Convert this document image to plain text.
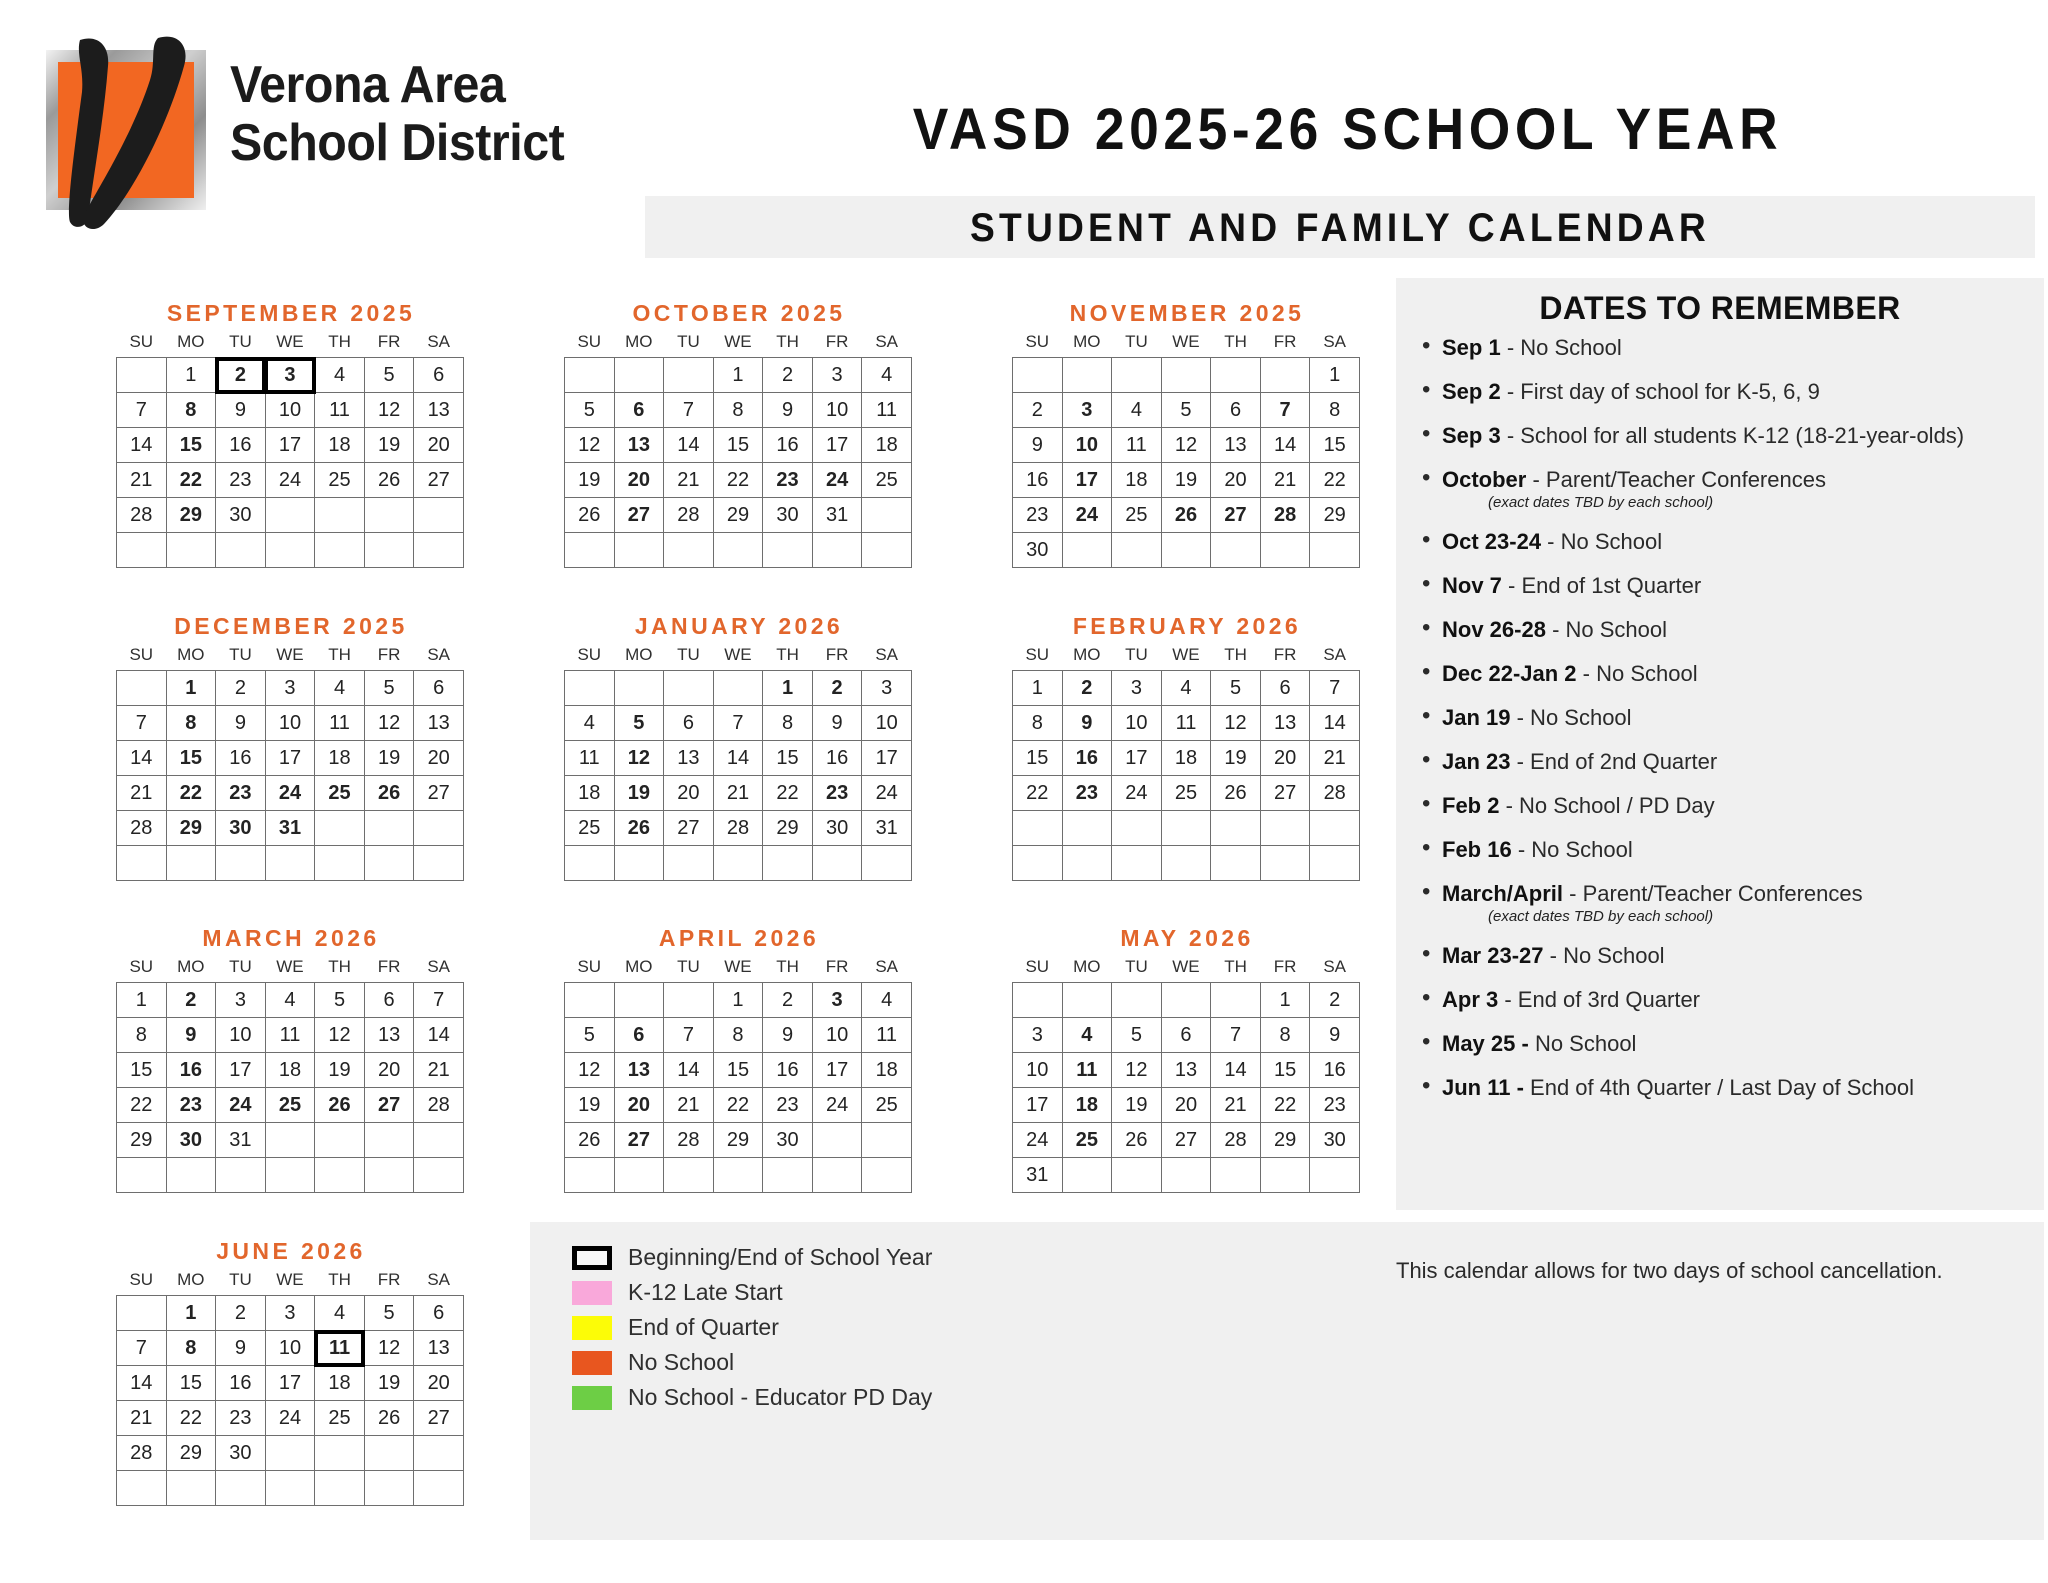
Verona Area
School District	VASD 2025-26 SCHOOL YEAR
STUDENT AND FAMILY CALENDAR
SEPTEMBER 2025
SU	MO	TU	WE	TH	FR	SA
	1	2	3	4	5	6
7	8	9	10	11	12	13
14	15	16	17	18	19	20
21	22	23	24	25	26	27
28	29	30				

OCTOBER 2025
SU	MO	TU	WE	TH	FR	SA
			1	2	3	4
5	6	7	8	9	10	11
12	13	14	15	16	17	18
19	20	21	22	23	24	25
26	27	28	29	30	31	

NOVEMBER 2025
SU	MO	TU	WE	TH	FR	SA
						1
2	3	4	5	6	7	8
9	10	11	12	13	14	15
16	17	18	19	20	21	22
23	24	25	26	27	28	29
30						
DECEMBER 2025
SU	MO	TU	WE	TH	FR	SA
	1	2	3	4	5	6
7	8	9	10	11	12	13
14	15	16	17	18	19	20
21	22	23	24	25	26	27
28	29	30	31			

JANUARY 2026
SU	MO	TU	WE	TH	FR	SA
				1	2	3
4	5	6	7	8	9	10
11	12	13	14	15	16	17
18	19	20	21	22	23	24
25	26	27	28	29	30	31

FEBRUARY 2026
SU	MO	TU	WE	TH	FR	SA
1	2	3	4	5	6	7
8	9	10	11	12	13	14
15	16	17	18	19	20	21
22	23	24	25	26	27	28

MARCH 2026
SU	MO	TU	WE	TH	FR	SA
1	2	3	4	5	6	7
8	9	10	11	12	13	14
15	16	17	18	19	20	21
22	23	24	25	26	27	28
29	30	31				

APRIL 2026
SU	MO	TU	WE	TH	FR	SA
			1	2	3	4
5	6	7	8	9	10	11
12	13	14	15	16	17	18
19	20	21	22	23	24	25
26	27	28	29	30		

MAY 2026
SU	MO	TU	WE	TH	FR	SA
					1	2
3	4	5	6	7	8	9
10	11	12	13	14	15	16
17	18	19	20	21	22	23
24	25	26	27	28	29	30
31						
JUNE 2026
SU	MO	TU	WE	TH	FR	SA
	1	2	3	4	5	6
7	8	9	10	11	12	13
14	15	16	17	18	19	20
21	22	23	24	25	26	27
28	29	30				

DATES TO REMEMBER
• Sep 1 - No School
• Sep 2 - First day of school for K-5, 6, 9
• Sep 3 - School for all students K-12 (18-21-year-olds)
• October - Parent/Teacher Conferences
(exact dates TBD by each school)
• Oct 23-24 - No School
• Nov 7 - End of 1st Quarter
• Nov 26-28 - No School
• Dec 22-Jan 2 - No School
• Jan 19 - No School
• Jan 23 - End of 2nd Quarter
• Feb 2 - No School / PD Day
• Feb 16 - No School
• March/April - Parent/Teacher Conferences
(exact dates TBD by each school)
• Mar 23-27 - No School
• Apr 3 - End of 3rd Quarter
• May 25 - No School
• Jun 11 - End of 4th Quarter / Last Day of School
Beginning/End of School Year
K-12 Late Start
End of Quarter
No School
No School - Educator PD Day
This calendar allows for two days of school cancellation.
